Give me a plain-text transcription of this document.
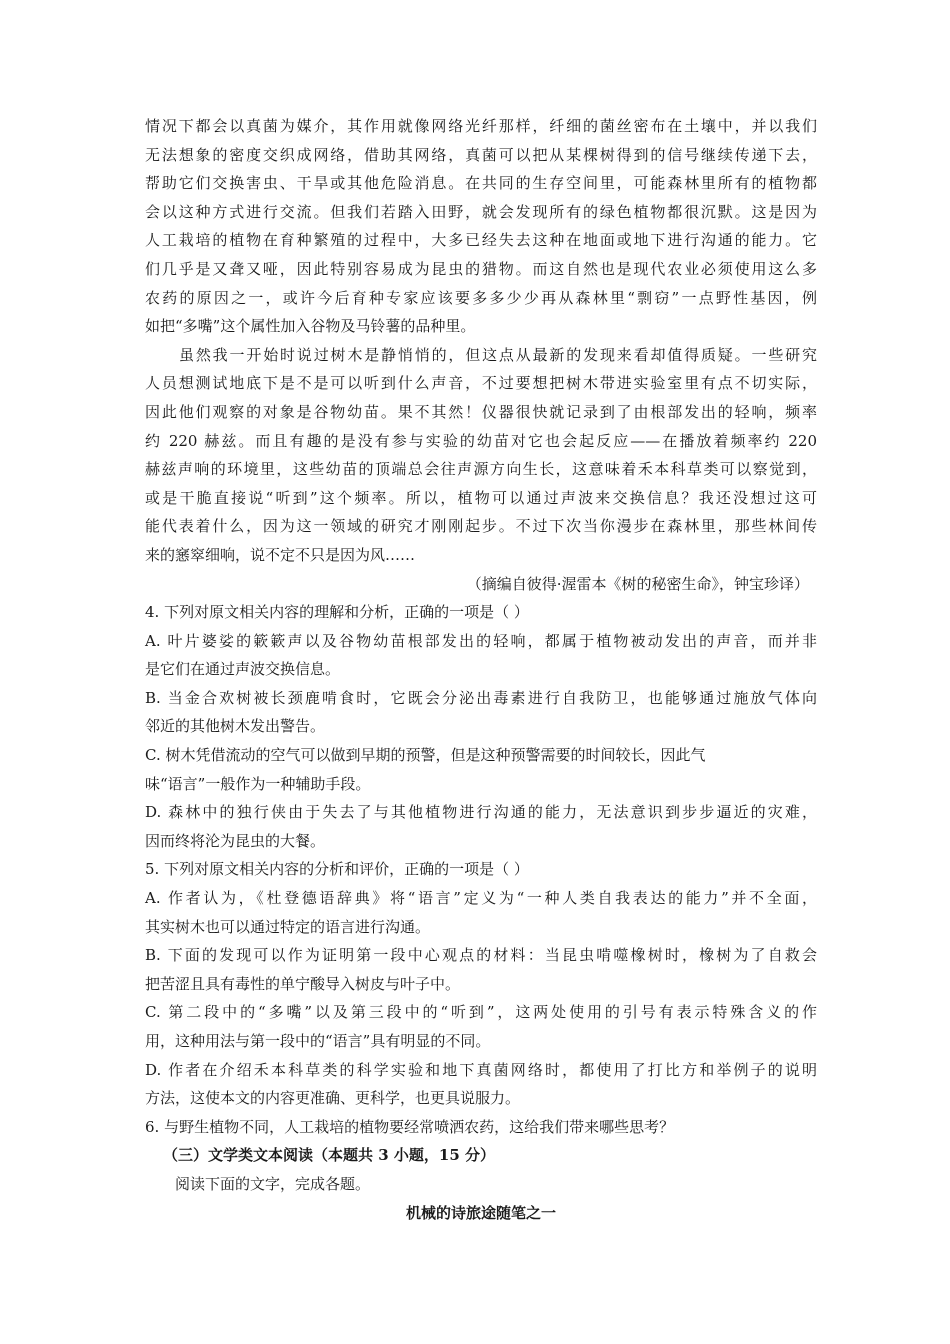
情况下都会以真菌为媒介，其作用就像网络光纤那样，纤细的菌丝密布在土壤中，并以我们
无法想象的密度交织成网络，借助其网络，真菌可以把从某棵树得到的信号继续传递下去，
帮助它们交换害虫、干旱或其他危险消息。在共同的生存空间里，可能森林里所有的植物都
会以这种方式进行交流。但我们若踏入田野，就会发现所有的绿色植物都很沉默。这是因为
人工栽培的植物在育种繁殖的过程中，大多已经失去这种在地面或地下进行沟通的能力。它
们几乎是又聋又哑，因此特别容易成为昆虫的猎物。而这自然也是现代农业必须使用这么多
农药的原因之一，或许今后育种专家应该要多多少少再从森林里“剽窃”一点野性基因，例
如把“多嘴”这个属性加入谷物及马铃薯的品种里。
虽然我一开始时说过树木是静悄悄的，但这点从最新的发现来看却值得质疑。一些研究
人员想测试地底下是不是可以听到什么声音，不过要想把树木带进实验室里有点不切实际，
因此他们观察的对象是谷物幼苗。果不其然！仪器很快就记录到了由根部发出的轻响，频率
约 220 赫兹。而且有趣的是没有参与实验的幼苗对它也会起反应——在播放着频率约 220
赫兹声响的环境里，这些幼苗的顶端总会往声源方向生长，这意味着禾本科草类可以察觉到，
或是干脆直接说“听到”这个频率。所以，植物可以通过声波来交换信息？我还没想过这可
能代表着什么，因为这一领域的研究才刚刚起步。不过下次当你漫步在森林里，那些林间传
来的窸窣细响，说不定不只是因为风……
（摘编自彼得·渥雷本《树的秘密生命》，钟宝珍译）
4. 下列对原文相关内容的理解和分析，正确的一项是（ ）
A. 叶片婆娑的簌簌声以及谷物幼苗根部发出的轻响，都属于植物被动发出的声音，而并非
是它们在通过声波交换信息。
B. 当金合欢树被长颈鹿啃食时，它既会分泌出毒素进行自我防卫，也能够通过施放气体向
邻近的其他树木发出警告。
C. 树木凭借流动的空气可以做到早期的预警，但是这种预警需要的时间较长，因此气
味“语言”一般作为一种辅助手段。
D. 森林中的独行侠由于失去了与其他植物进行沟通的能力，无法意识到步步逼近的灾难，
因而终将沦为昆虫的大餐。
5. 下列对原文相关内容的分析和评价，正确的一项是（ ）
A. 作者认为，《杜登德语辞典》将“语言”定义为“一种人类自我表达的能力”并不全面，
其实树木也可以通过特定的语言进行沟通。
B. 下面的发现可以作为证明第一段中心观点的材料：当昆虫啃噬橡树时，橡树为了自救会
把苦涩且具有毒性的单宁酸导入树皮与叶子中。
C. 第二段中的“多嘴”以及第三段中的“听到”，这两处使用的引号有表示特殊含义的作
用，这种用法与第一段中的“语言”具有明显的不同。
D. 作者在介绍禾本科草类的科学实验和地下真菌网络时，都使用了打比方和举例子的说明
方法，这使本文的内容更准确、更科学，也更具说服力。
6. 与野生植物不同，人工栽培的植物要经常喷洒农药，这给我们带来哪些思考？
（三）文学类文本阅读（本题共 3 小题，15 分）
阅读下面的文字，完成各题。
机械的诗旅途随笔之一
